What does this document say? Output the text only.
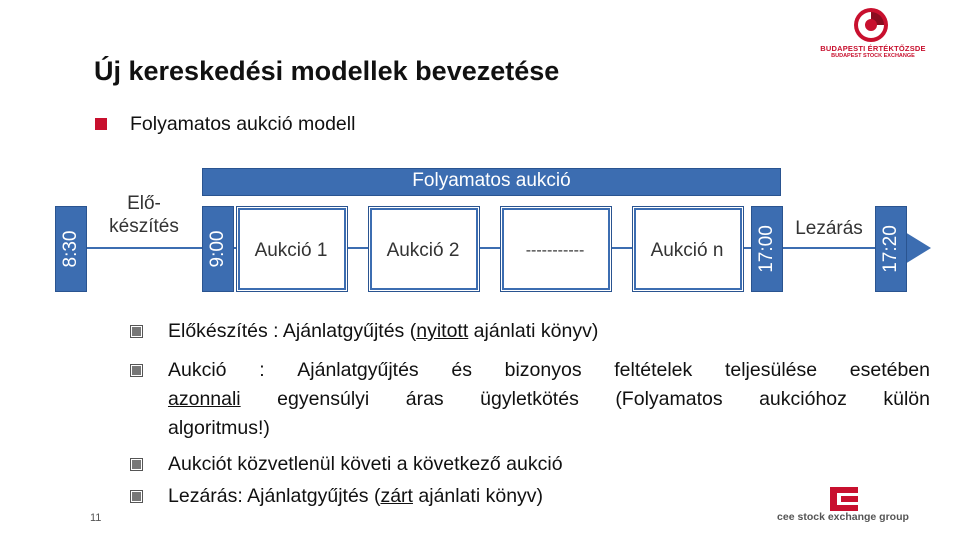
BUDAPESTI ÉRTÉKTŐZSDE
BUDAPEST STOCK EXCHANGE
Új kereskedési modellek bevezetése
Folyamatos aukció modell
8:30
Elő-
készítés
Folyamatos aukció
9:00	Aukció 1	Aukció 2	-----------	Aukció n	17:00 Lezárás 17:20
Előkészítés : Ajánlatgyűjtés (nyitott ajánlati könyv)
Aukció : Ajánlatgyűjtés és bizonyos feltételek teljesülése esetében
azonnali egyensúlyi áras ügyletkötés (Folyamatos aukcióhoz külön
algoritmus!)
Aukciót közvetlenül követi a következő aukció
Lezárás: Ajánlatgyűjtés (zárt ajánlati könyv)
11	cee stock exchange group
